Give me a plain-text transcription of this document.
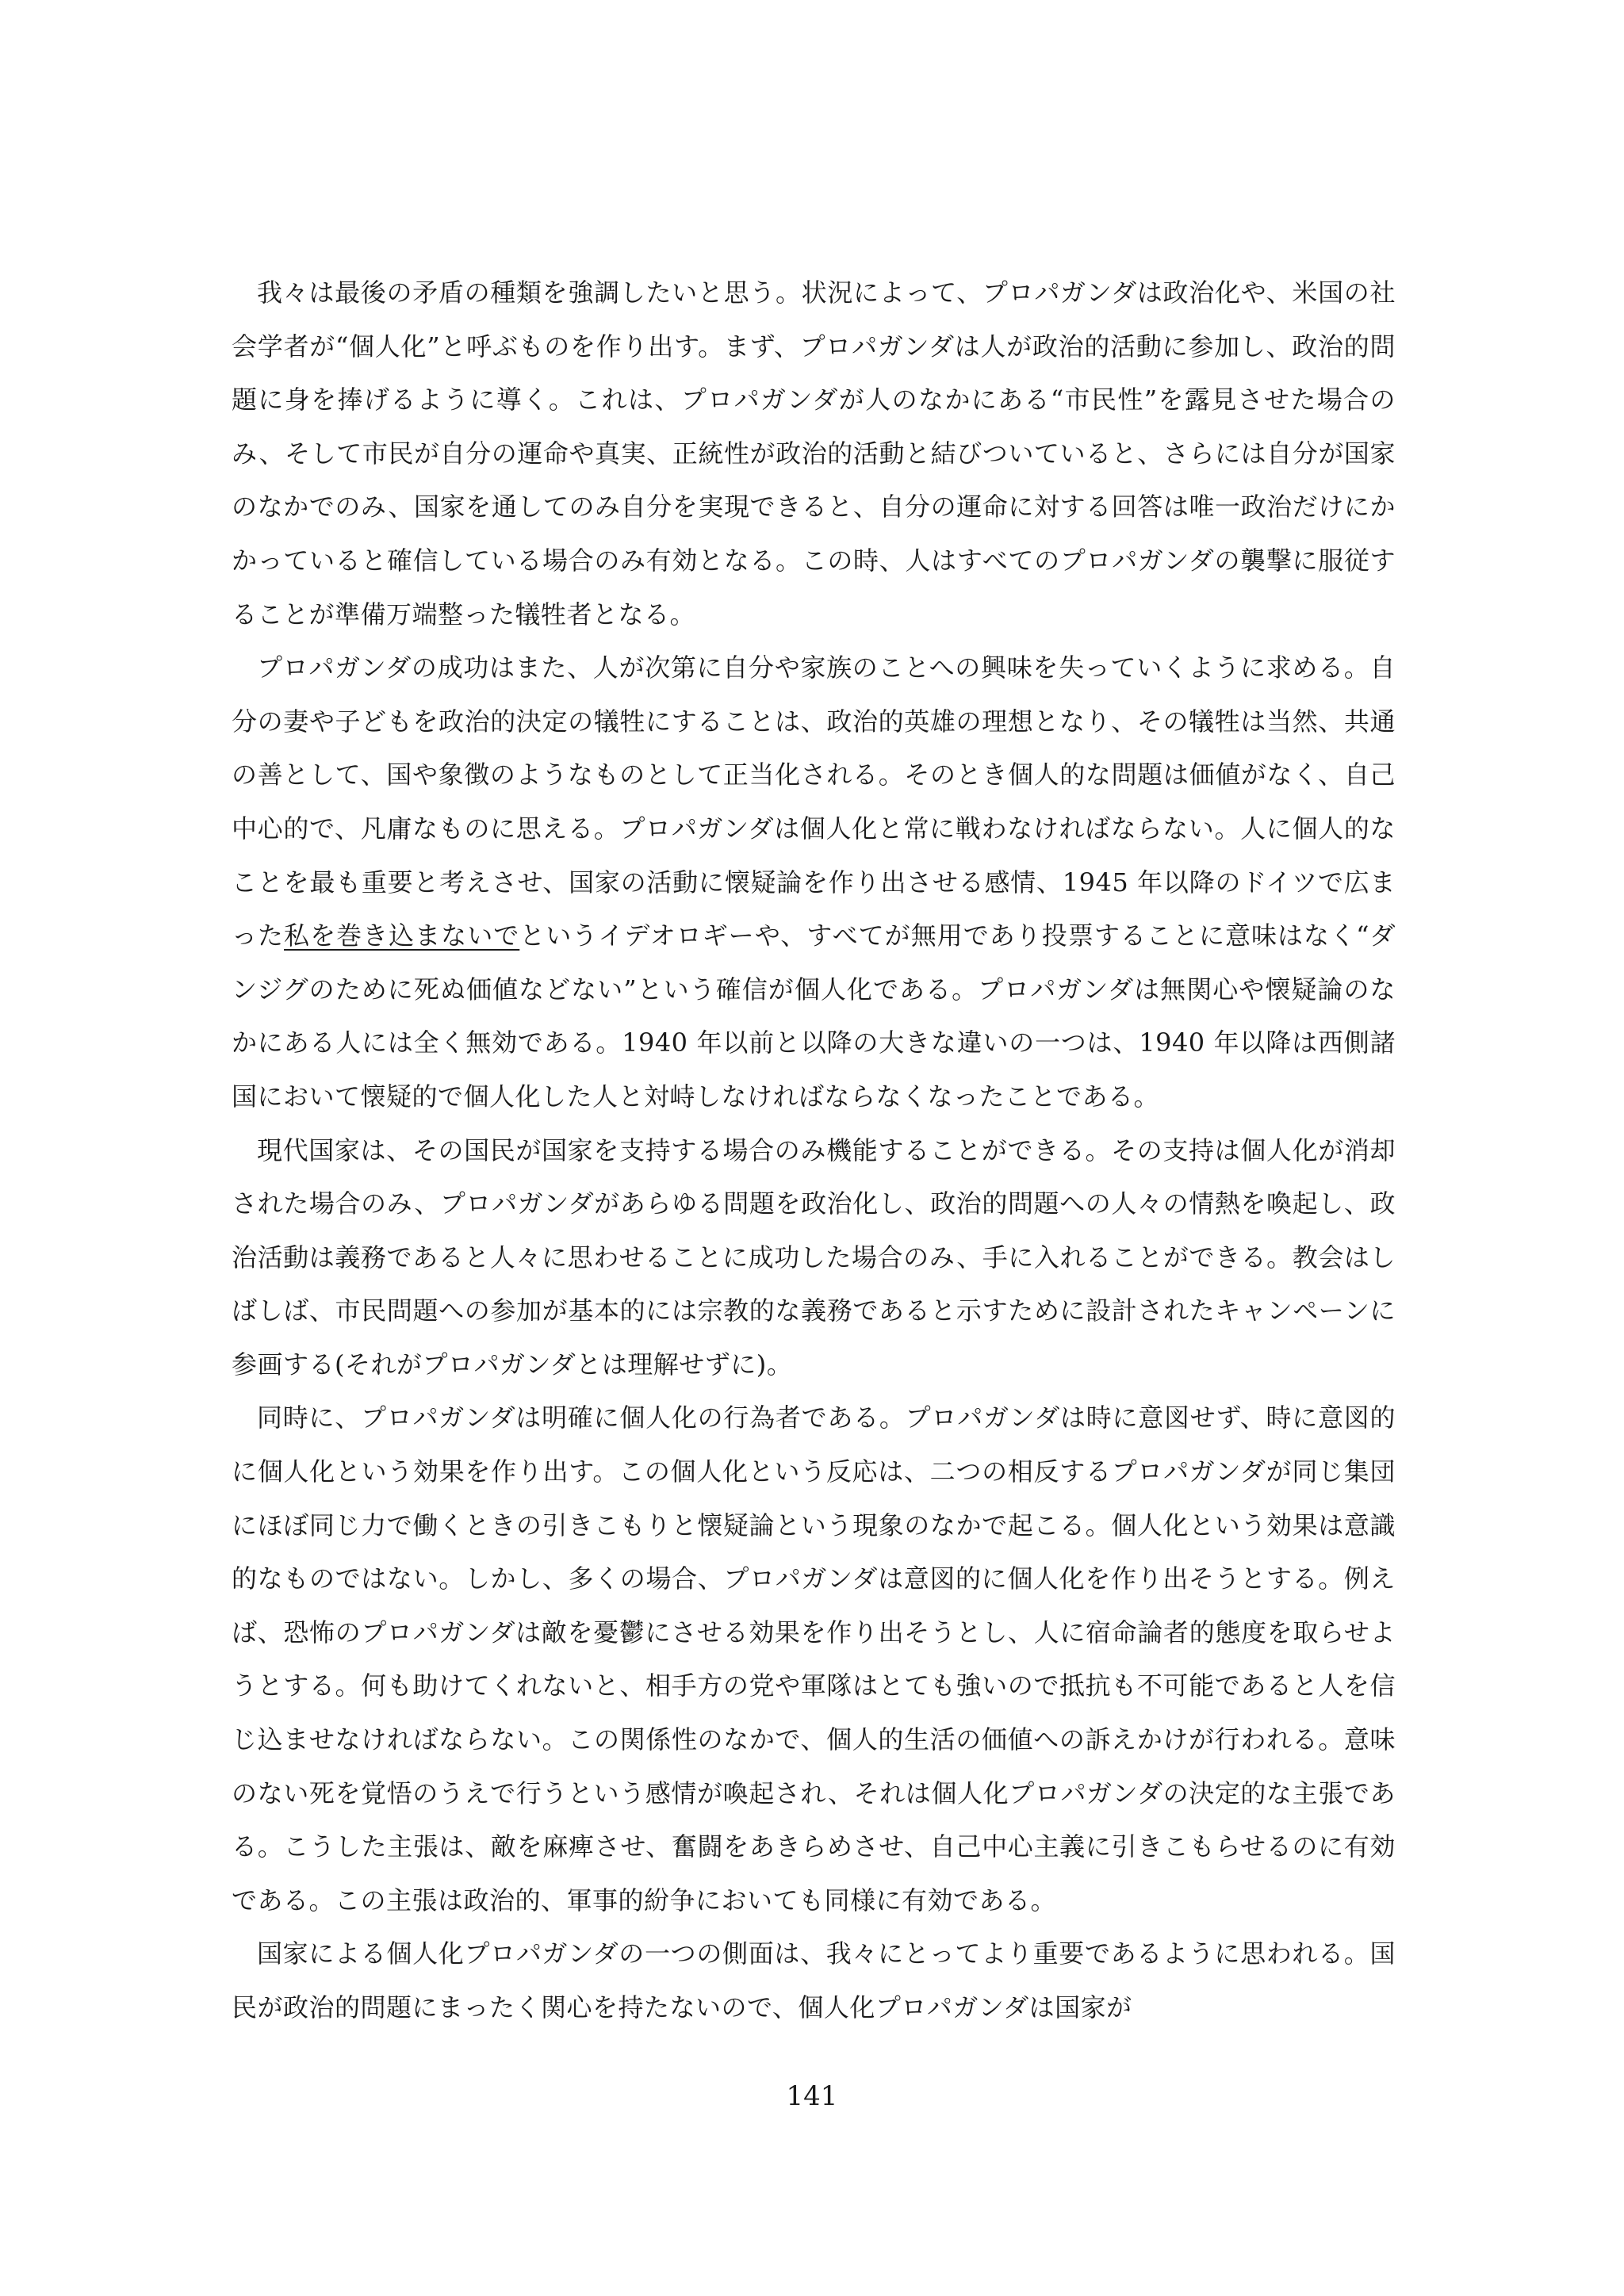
我々は最後の矛盾の種類を強調したいと思う。状況によって、プロパガンダは政治化や、米国の社会学者が“個人化”と呼ぶものを作り出す。まず、プロパガンダは人が政治的活動に参加し、政治的問題に身を捧げるように導く。これは、プロパガンダが人のなかにある“市民性”を露見させた場合のみ、そして市民が自分の運命や真実、正統性が政治的活動と結びついていると、さらには自分が国家のなかでのみ、国家を通してのみ自分を実現できると、自分の運命に対する回答は唯一政治だけにかかっていると確信している場合のみ有効となる。この時、人はすべてのプロパガンダの襲撃に服従することが準備万端整った犠牲者となる。

プロパガンダの成功はまた、人が次第に自分や家族のことへの興味を失っていくように求める。自分の妻や子どもを政治的決定の犠牲にすることは、政治的英雄の理想となり、その犠牲は当然、共通の善として、国や象徴のようなものとして正当化される。そのとき個人的な問題は価値がなく、自己中心的で、凡庸なものに思える。プロパガンダは個人化と常に戦わなければならない。人に個人的なことを最も重要と考えさせ、国家の活動に懐疑論を作り出させる感情、1945 年以降のドイツで広まった私を巻き込まないでというイデオロギーや、すべてが無用であり投票することに意味はなく“ダンジグのために死ぬ価値などない”という確信が個人化である。プロパガンダは無関心や懐疑論のなかにある人には全く無効である。1940 年以前と以降の大きな違いの一つは、1940 年以降は西側諸国において懐疑的で個人化した人と対峙しなければならなくなったことである。

現代国家は、その国民が国家を支持する場合のみ機能することができる。その支持は個人化が消却された場合のみ、プロパガンダがあらゆる問題を政治化し、政治的問題への人々の情熱を喚起し、政治活動は義務であると人々に思わせることに成功した場合のみ、手に入れることができる。教会はしばしば、市民問題への参加が基本的には宗教的な義務であると示すために設計されたキャンペーンに参画する(それがプロパガンダとは理解せずに)。

同時に、プロパガンダは明確に個人化の行為者である。プロパガンダは時に意図せず、時に意図的に個人化という効果を作り出す。この個人化という反応は、二つの相反するプロパガンダが同じ集団にほぼ同じ力で働くときの引きこもりと懐疑論という現象のなかで起こる。個人化という効果は意識的なものではない。しかし、多くの場合、プロパガンダは意図的に個人化を作り出そうとする。例えば、恐怖のプロパガンダは敵を憂鬱にさせる効果を作り出そうとし、人に宿命論者的態度を取らせようとする。何も助けてくれないと、相手方の党や軍隊はとても強いので抵抗も不可能であると人を信じ込ませなければならない。この関係性のなかで、個人的生活の価値への訴えかけが行われる。意味のない死を覚悟のうえで行うという感情が喚起され、それは個人化プロパガンダの決定的な主張である。こうした主張は、敵を麻痺させ、奮闘をあきらめさせ、自己中心主義に引きこもらせるのに有効である。この主張は政治的、軍事的紛争においても同様に有効である。

国家による個人化プロパガンダの一つの側面は、我々にとってより重要であるように思われる。国民が政治的問題にまったく関心を持たないので、個人化プロパガンダは国家が

141
